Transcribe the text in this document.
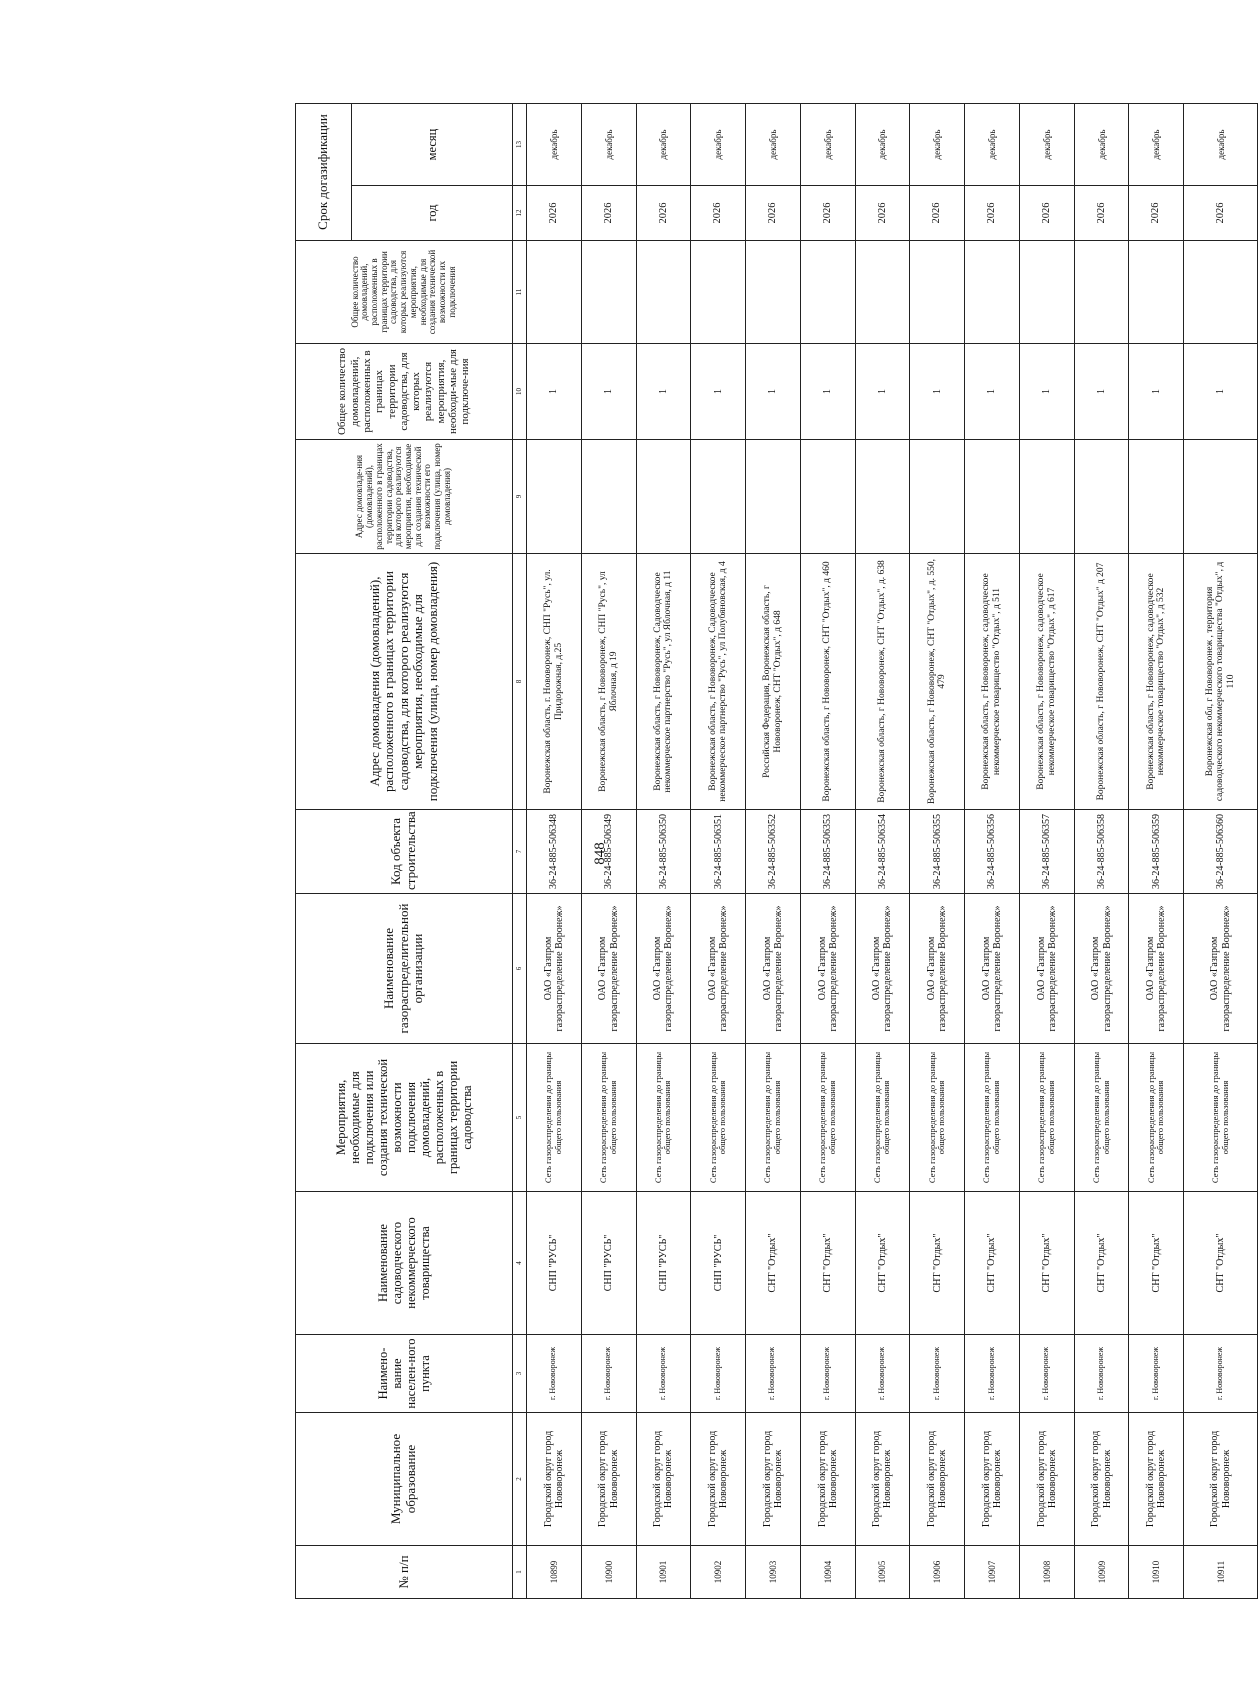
848
№ п/п	Муниципальное образование	Наимено-вание населен-ного пункта	Наименование садоводческого некоммерческого товарищества	Мероприятия, необходимые для подключения или создания технической возможности подключения домовладений, расположенных в границах территории садоводства	Наименование газораспределительной организации	Код объекта строительства	Адрес домовладения (домовладений), расположенного в границах территории садоводства, для которого реализуются мероприятия, необходимые для подключения (улица, номер домовладения)	Адрес домовладе-ния (домовладений), расположенного в границах территории садоводства, для которого реализуются мероприятия, необходимые для создания технической возможности его подключения (улица, номер домовладения)	Общее количество домовладений, расположенных в границах территории садоводства, для которых реализуются мероприятия, необходи-мые для подключе-ния	Общее количество домовладений, расположенных в границах территории садоводства, для которых реализуются мероприятия, необходимые для создания технической возможности их подключения	Срок догазификации	
											год	месяц
1	2	3	4	5	6	7	8	9	10	11	12	13
10899	Городской округ город Нововоронеж	г. Нововоронеж	СНП "РУСЬ"	Сеть газораспределения до границы общего пользования	ОАО «Газпром газораспределение Воронеж»	36-24-885-506348	Воронежская область, г. Нововоронеж, СНП "Русь", ул. Придорожная, д.25		1		2026	декабрь
10900	Городской округ город Нововоронеж	г. Нововоронеж	СНП "РУСЬ"	Сеть газораспределения до границы общего пользования	ОАО «Газпром газораспределение Воронеж»	36-24-885-506349	Воронежская область, г Нововоронеж, СНП "Русь", ул Яблочная, д 19		1		2026	декабрь
10901	Городской округ город Нововоронеж	г. Нововоронеж	СНП "РУСЬ"	Сеть газораспределения до границы общего пользования	ОАО «Газпром газораспределение Воронеж»	36-24-885-506350	Воронежская область, г Нововоронеж, Садоводческое некоммерческое партнерство "Русь", ул Яблочная, д 11		1		2026	декабрь
10902	Городской округ город Нововоронеж	г. Нововоронеж	СНП "РУСЬ"	Сеть газораспределения до границы общего пользования	ОАО «Газпром газораспределение Воронеж»	36-24-885-506351	Воронежская область, г Нововоронеж, Садоводческое некоммерческое партнерство "Русь", ул Полубяновская, д 4		1		2026	декабрь
10903	Городской округ город Нововоронеж	г. Нововоронеж	СНТ "Отдых"	Сеть газораспределения до границы общего пользования	ОАО «Газпром газораспределение Воронеж»	36-24-885-506352	Российская Федерация, Воронежская область, г Нововоронеж, СНТ "Отдых", д 648		1		2026	декабрь
10904	Городской округ город Нововоронеж	г. Нововоронеж	СНТ "Отдых"	Сеть газораспределения до границы общего пользования	ОАО «Газпром газораспределение Воронеж»	36-24-885-506353	Воронежская область, г Нововоронеж, СНТ "Отдых", д 460		1		2026	декабрь
10905	Городской округ город Нововоронеж	г. Нововоронеж	СНТ "Отдых"	Сеть газораспределения до границы общего пользования	ОАО «Газпром газораспределение Воронеж»	36-24-885-506354	Воронежская область, г Нововоронеж, СНТ "Отдых", д. 638		1		2026	декабрь
10906	Городской округ город Нововоронеж	г. Нововоронеж	СНТ "Отдых"	Сеть газораспределения до границы общего пользования	ОАО «Газпром газораспределение Воронеж»	36-24-885-506355	Воронежская область, г Нововоронеж, СНТ "Отдых", д. 550, 479		1		2026	декабрь
10907	Городской округ город Нововоронеж	г. Нововоронеж	СНТ "Отдых"	Сеть газораспределения до границы общего пользования	ОАО «Газпром газораспределение Воронеж»	36-24-885-506356	Воронежская область, г Нововоронеж, садоводческое некоммерческое товарищество "Отдых", д 511		1		2026	декабрь
10908	Городской округ город Нововоронеж	г. Нововоронеж	СНТ "Отдых"	Сеть газораспределения до границы общего пользования	ОАО «Газпром газораспределение Воронеж»	36-24-885-506357	Воронежская область, г Нововоронеж, садоводческое некоммерческое товарищество "Отдых", д 617		1		2026	декабрь
10909	Городской округ город Нововоронеж	г. Нововоронеж	СНТ "Отдых"	Сеть газораспределения до границы общего пользования	ОАО «Газпром газораспределение Воронеж»	36-24-885-506358	Воронежская область, г Нововоронеж, СНТ "Отдых" д 207		1		2026	декабрь
10910	Городской округ город Нововоронеж	г. Нововоронеж	СНТ "Отдых"	Сеть газораспределения до границы общего пользования	ОАО «Газпром газораспределение Воронеж»	36-24-885-506359	Воронежская область, г Нововоронеж, садоводческое некоммерческое товарищество "Отдых", д 532		1		2026	декабрь
10911	Городской округ город Нововоронеж	г. Нововоронеж	СНТ "Отдых"	Сеть газораспределения до границы общего пользования	ОАО «Газпром газораспределение Воронеж»	36-24-885-506360	Воронежская обл, г Нововоронеж , территория садоводческого некоммерческого товарищества "Отдых", д 110		1		2026	декабрь
